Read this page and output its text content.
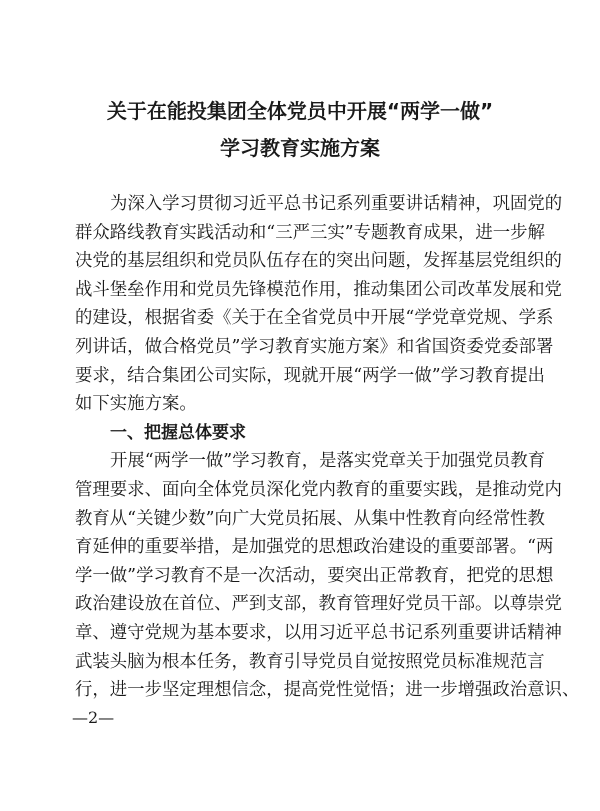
关于在能投集团全体党员中开展“两学一做”
学习教育实施方案
为深入学习贯彻习近平总书记系列重要讲话精神，巩固党的
群众路线教育实践活动和“三严三实”专题教育成果，进一步解
决党的基层组织和党员队伍存在的突出问题，发挥基层党组织的
战斗堡垒作用和党员先锋模范作用，推动集团公司改革发展和党
的建设，根据省委《关于在全省党员中开展“学党章党规、学系
列讲话，做合格党员”学习教育实施方案》和省国资委党委部署
要求，结合集团公司实际，现就开展“两学一做”学习教育提出
如下实施方案。
一、把握总体要求
开展“两学一做”学习教育，是落实党章关于加强党员教育
管理要求、面向全体党员深化党内教育的重要实践，是推动党内
教育从“关键少数”向广大党员拓展、从集中性教育向经常性教
育延伸的重要举措，是加强党的思想政治建设的重要部署。“两
学一做”学习教育不是一次活动，要突出正常教育，把党的思想
政治建设放在首位、严到支部，教育管理好党员干部。以尊崇党
章、遵守党规为基本要求，以用习近平总书记系列重要讲话精神
武装头脑为根本任务，教育引导党员自觉按照党员标准规范言
行，进一步坚定理想信念，提高党性觉悟；进一步增强政治意识、
—2—
